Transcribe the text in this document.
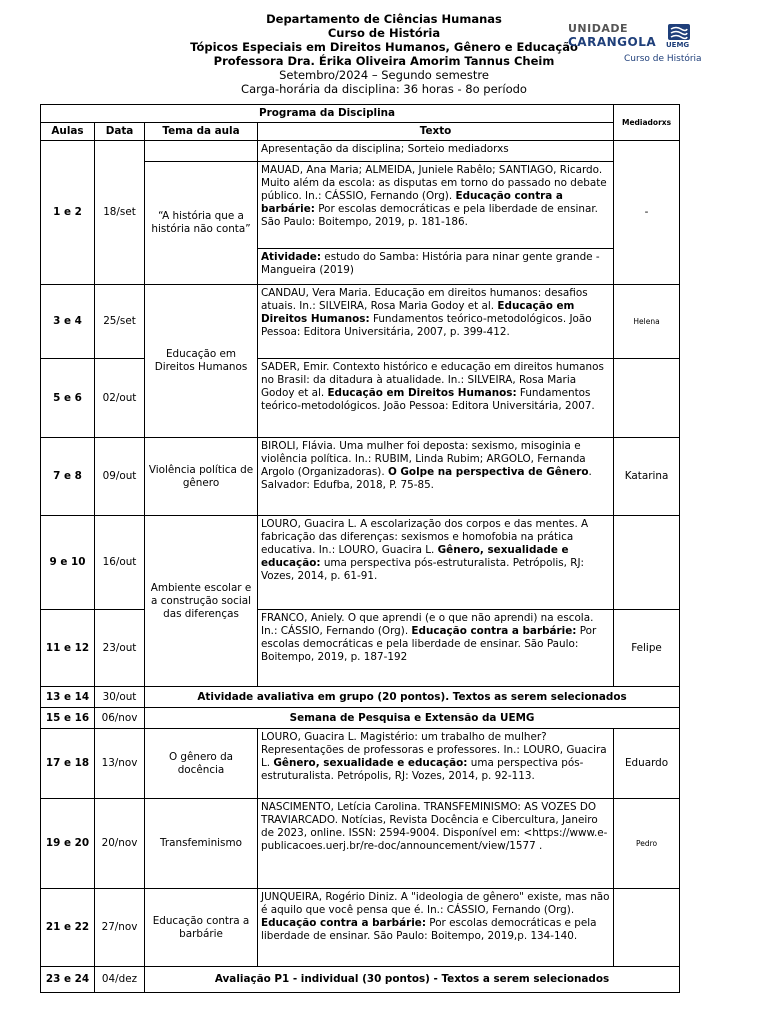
Departamento de Ciências Humanas
Curso de História
Tópicos Especiais em Direitos Humanos, Gênero e Educação
Professora Dra. Érika Oliveira Amorim Tannus Cheim
Setembro/2024 – Segundo semestre
Carga-horária da disciplina: 36 horas - 8o período
UNIDADE
CARANGOLA UEMG
Curso de História
Programa da Disciplina				Mediadorxs
Aulas	Data	Tema da aula	Texto	
1 e 2	18/set		Apresentação da disciplina; Sorteio mediadorxs	-
		“A história que a história não conta”	MAUAD, Ana Maria; ALMEIDA, Juniele Rabêlo; SANTIAGO, Ricardo. Muito além da escola: as disputas em torno do passado no debate público. In.: CÁSSIO, Fernando (Org). Educação contra a barbárie: Por escolas democráticas e pela liberdade de ensinar. São Paulo: Boitempo, 2019, p. 181-186.	
			Atividade: estudo do Samba: História para ninar gente grande - Mangueira (2019)	
3 e 4	25/set	Educação em Direitos Humanos	CANDAU, Vera Maria. Educação em direitos humanos: desafios atuais. In.: SILVEIRA, Rosa Maria Godoy et al. Educação em Direitos Humanos: Fundamentos teórico-metodológicos. João Pessoa: Editora Universitária, 2007, p. 399-412.	Helena
5 e 6	02/out		SADER, Emir. Contexto histórico e educação em direitos humanos no Brasil: da ditadura à atualidade. In.: SILVEIRA, Rosa Maria Godoy et al. Educação em Direitos Humanos: Fundamentos teórico-metodológicos. João Pessoa: Editora Universitária, 2007.	
7 e 8	09/out	Violência política de gênero	BIROLI, Flávia. Uma mulher foi deposta: sexismo, misoginia e violência política. In.: RUBIM, Linda Rubim; ARGOLO, Fernanda Argolo (Organizadoras). O Golpe na perspectiva de Gênero. Salvador: Edufba, 2018, P. 75-85.	Katarina
9 e 10	16/out	Ambiente escolar e a construção social das diferenças	LOURO, Guacira L. A escolarização dos corpos e das mentes. A fabricação das diferenças: sexismos e homofobia na prática educativa. In.: LOURO, Guacira L. Gênero, sexualidade e educação: uma perspectiva pós-estruturalista. Petrópolis, RJ: Vozes, 2014, p. 61-91.	
11 e 12	23/out		FRANCO, Aniely. O que aprendi (e o que não aprendi) na escola. In.: CÁSSIO, Fernando (Org). Educação contra a barbárie: Por escolas democráticas e pela liberdade de ensinar. São Paulo: Boitempo, 2019, p. 187-192	Felipe
13 e 14	30/out	Atividade avaliativa em grupo (20 pontos). Textos as serem selecionados		
15 e 16	06/nov	Semana de Pesquisa e Extensão da UEMG		
17 e 18	13/nov	O gênero da docência	LOURO, Guacira L. Magistério: um trabalho de mulher? Representações de professoras e professores. In.: LOURO, Guacira L. Gênero, sexualidade e educação: uma perspectiva pós-estruturalista. Petrópolis, RJ: Vozes, 2014, p. 92-113.	Eduardo
19 e 20	20/nov	Transfeminismo	NASCIMENTO, Letícia Carolina. TRANSFEMINISMO: AS VOZES DO TRAVIARCADO. Notícias, Revista Docência e Cibercultura, Janeiro de 2023, online. ISSN: 2594-9004. Disponível em: <https://www.e-publicacoes.uerj.br/re-doc/announcement/view/1577 .	Pedro
21 e 22	27/nov	Educação contra a barbárie	JUNQUEIRA, Rogério Diniz. A "ideologia de gênero" existe, mas não é aquilo que você pensa que é. In.: CÁSSIO, Fernando (Org). Educação contra a barbárie: Por escolas democráticas e pela liberdade de ensinar. São Paulo: Boitempo, 2019,p. 134-140.	
23 e 24	04/dez	Avaliação P1 - individual (30 pontos) - Textos a serem selecionados		
